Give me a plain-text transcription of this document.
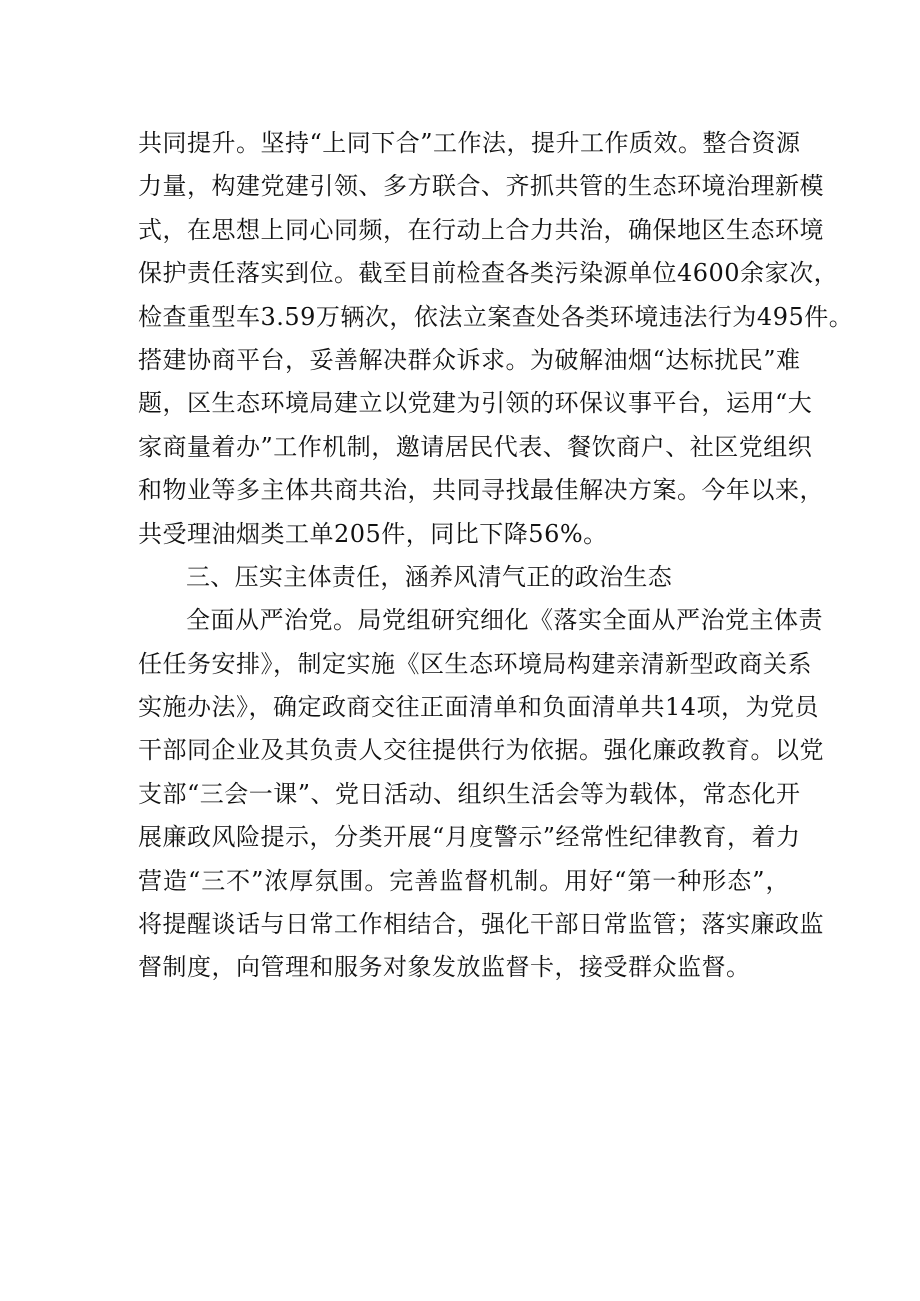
共同提升。坚持“上同下合”工作法，提升工作质效。整合资源
力量，构建党建引领、多方联合、齐抓共管的生态环境治理新模
式，在思想上同心同频，在行动上合力共治，确保地区生态环境
保护责任落实到位。截至目前检查各类污染源单位4600余家次，
检查重型车3.59万辆次，依法立案查处各类环境违法行为495件。
搭建协商平台，妥善解决群众诉求。为破解油烟“达标扰民”难
题，区生态环境局建立以党建为引领的环保议事平台，运用“大
家商量着办”工作机制，邀请居民代表、餐饮商户、社区党组织
和物业等多主体共商共治，共同寻找最佳解决方案。今年以来，
共受理油烟类工单205件，同比下降56%。
三、压实主体责任，涵养风清气正的政治生态
全面从严治党。局党组研究细化《落实全面从严治党主体责
任任务安排》，制定实施《区生态环境局构建亲清新型政商关系
实施办法》，确定政商交往正面清单和负面清单共14项，为党员
干部同企业及其负责人交往提供行为依据。强化廉政教育。以党
支部“三会一课”、党日活动、组织生活会等为载体，常态化开
展廉政风险提示，分类开展“月度警示”经常性纪律教育，着力
营造“三不”浓厚氛围。完善监督机制。用好“第一种形态”，
将提醒谈话与日常工作相结合，强化干部日常监管；落实廉政监
督制度，向管理和服务对象发放监督卡，接受群众监督。
